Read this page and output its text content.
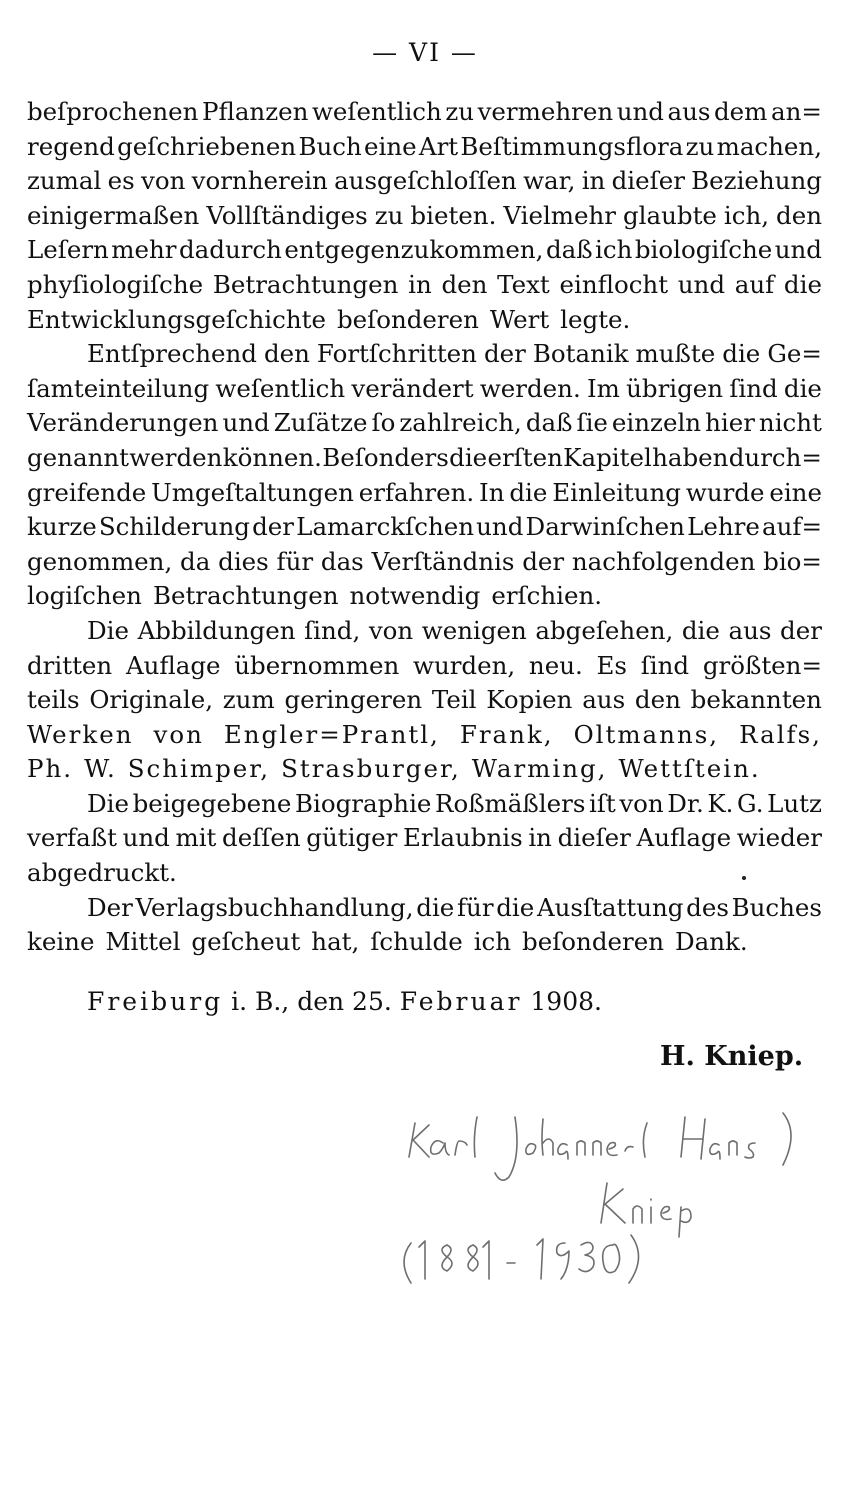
— VI —
beſprochenen Pflanzen weſentlich zu vermehren und aus dem an=
regend geſchriebenen Buch eine Art Beſtimmungsflora zu machen,
zumal es von vornherein ausgeſchloſſen war, in dieſer Beziehung
einigermaßen Vollſtändiges zu bieten. Vielmehr glaubte ich, den
Leſern mehr dadurch entgegenzukommen, daß ich biologiſche und
phyſiologiſche Betrachtungen in den Text einflocht und auf die
Entwicklungsgeſchichte beſonderen Wert legte.
Entſprechend den Fortſchritten der Botanik mußte die Ge=
ſamteinteilung weſentlich verändert werden. Im übrigen ſind die
Veränderungen und Zuſätze ſo zahlreich, daß ſie einzeln hier nicht
genannt werden können. Beſonders die erſten Kapitel haben durch=
greifende Umgeſtaltungen erfahren. In die Einleitung wurde eine
kurze Schilderung der Lamarckſchen und Darwinſchen Lehre auf=
genommen, da dies für das Verſtändnis der nachfolgenden bio=
logiſchen Betrachtungen notwendig erſchien.
Die Abbildungen ſind, von wenigen abgeſehen, die aus der
dritten Auflage übernommen wurden, neu. Es ſind größten=
teils Originale, zum geringeren Teil Kopien aus den bekannten
Werken von Engler=Prantl, Frank, Oltmanns, Ralfs,
Ph. W. Schimper, Strasburger, Warming, Wettſtein.
Die beigegebene Biographie Roßmäßlers iſt von Dr. K. G. Lutz
verfaßt und mit deſſen gütiger Erlaubnis in dieſer Auflage wieder
abgedruckt.
Der Verlagsbuchhandlung, die für die Ausſtattung des Buches
keine Mittel geſcheut hat, ſchulde ich beſonderen Dank.
Freiburg i. B., den 25. Februar 1908.
H. Kniep.
